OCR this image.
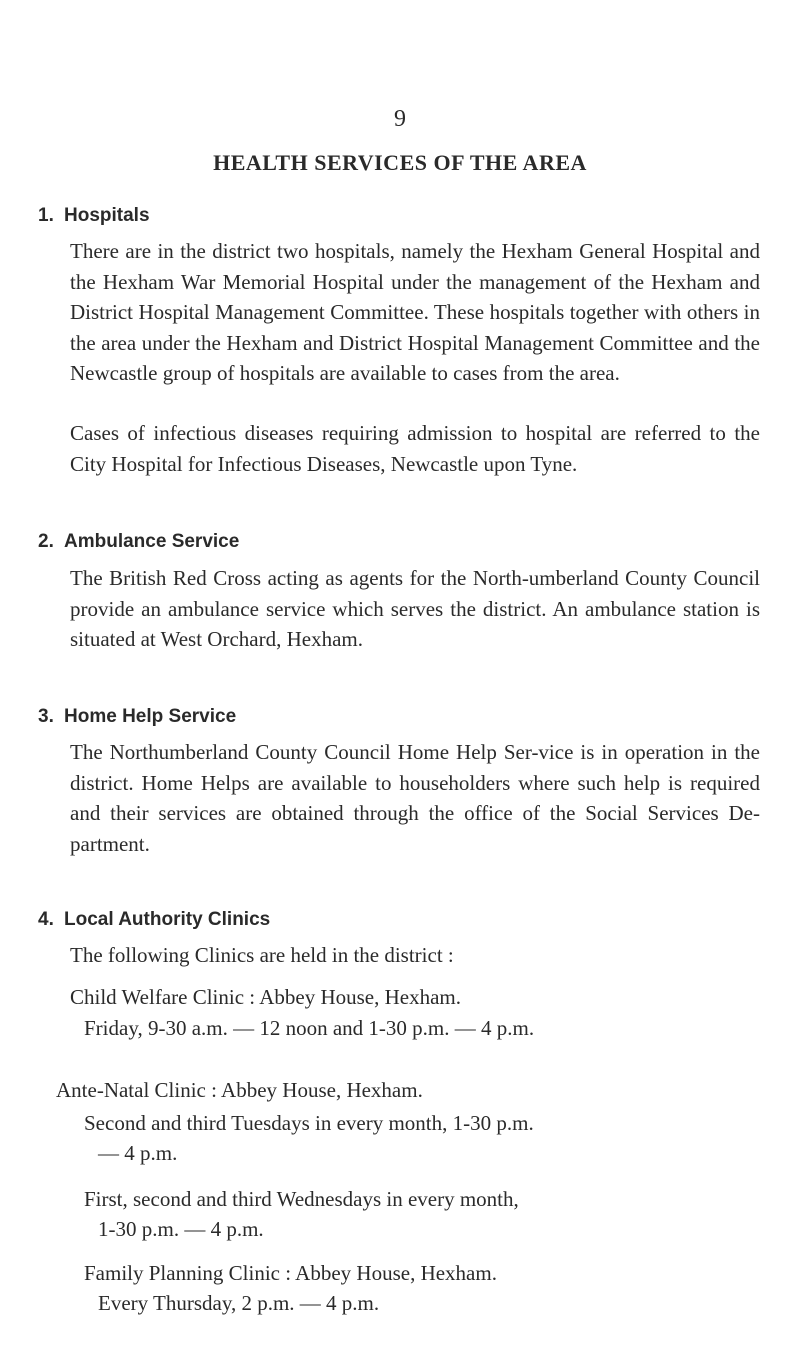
9
HEALTH SERVICES OF THE AREA
1. Hospitals
There are in the district two hospitals, namely the Hexham General Hospital and the Hexham War Memorial Hospital under the management of the Hexham and District Hospital Management Committee. These hospitals together with others in the area under the Hexham and District Hospital Management Committee and the Newcastle group of hospitals are available to cases from the area.
Cases of infectious diseases requiring admission to hospital are referred to the City Hospital for Infectious Diseases, Newcastle upon Tyne.
2. Ambulance Service
The British Red Cross acting as agents for the North-umberland County Council provide an ambulance service which serves the district. An ambulance station is situated at West Orchard, Hexham.
3. Home Help Service
The Northumberland County Council Home Help Ser-vice is in operation in the district. Home Helps are available to householders where such help is required and their services are obtained through the office of the Social Services De-partment.
4. Local Authority Clinics
The following Clinics are held in the district :
Child Welfare Clinic : Abbey House, Hexham.
Friday, 9-30 a.m. — 12 noon and 1-30 p.m. — 4 p.m.
Ante-Natal Clinic : Abbey House, Hexham.
Second and third Tuesdays in every month, 1-30 p.m.
— 4 p.m.
First, second and third Wednesdays in every month,
1-30 p.m. — 4 p.m.
Family Planning Clinic : Abbey House, Hexham.
Every Thursday, 2 p.m. — 4 p.m.
